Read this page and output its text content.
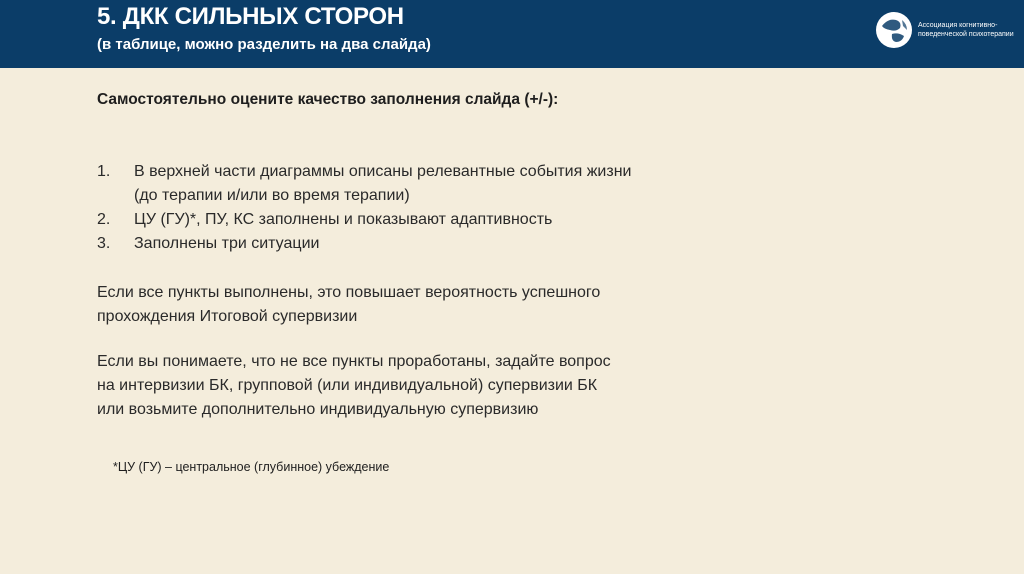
5. ДКК СИЛЬНЫХ СТОРОН

(в таблице, можно разделить на два слайда)

Ассоциация когнитивно-поведенческой психотерапии

Самостоятельно оцените качество заполнения слайда (+/-):

1.	В верхней части диаграммы описаны релевантные события жизни
(до терапии и/или во время терапии)
2.	ЦУ (ГУ)*, ПУ, КС заполнены и показывают адаптивность
3.	Заполнены три ситуации

Если все пункты выполнены, это повышает вероятность успешного
прохождения Итоговой супервизии

Если вы понимаете, что не все пункты проработаны, задайте вопрос
на интервизии БК, групповой (или индивидуальной) супервизии БК
или возьмите дополнительно индивидуальную супервизию

*ЦУ (ГУ) – центральное (глубинное) убеждение
